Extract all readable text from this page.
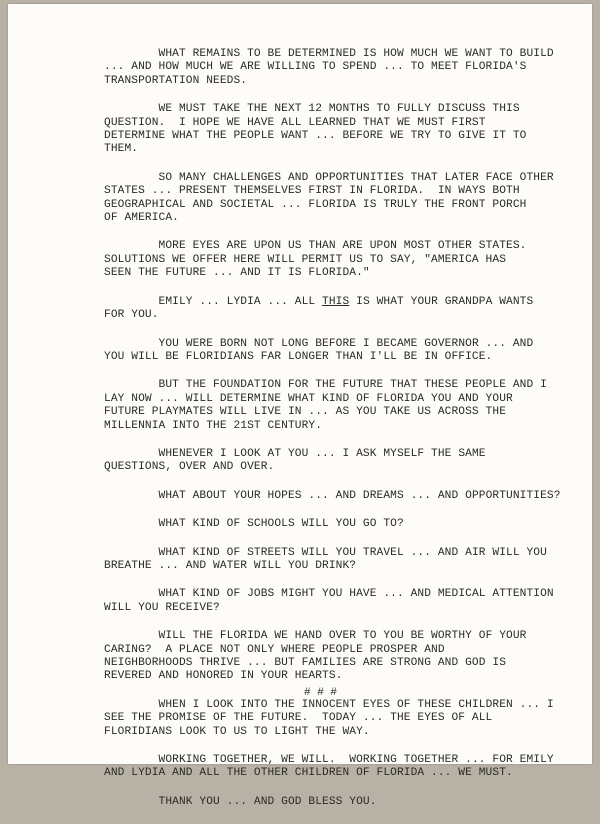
WHAT REMAINS TO BE DETERMINED IS HOW MUCH WE WANT TO BUILD
... AND HOW MUCH WE ARE WILLING TO SPEND ... TO MEET FLORIDA'S
TRANSPORTATION NEEDS.

WE MUST TAKE THE NEXT 12 MONTHS TO FULLY DISCUSS THIS
QUESTION.  I HOPE WE HAVE ALL LEARNED THAT WE MUST FIRST
DETERMINE WHAT THE PEOPLE WANT ... BEFORE WE TRY TO GIVE IT TO
THEM.

SO MANY CHALLENGES AND OPPORTUNITIES THAT LATER FACE OTHER
STATES ... PRESENT THEMSELVES FIRST IN FLORIDA.  IN WAYS BOTH
GEOGRAPHICAL AND SOCIETAL ... FLORIDA IS TRULY THE FRONT PORCH
OF AMERICA.

MORE EYES ARE UPON US THAN ARE UPON MOST OTHER STATES.
SOLUTIONS WE OFFER HERE WILL PERMIT US TO SAY, "AMERICA HAS
SEEN THE FUTURE ... AND IT IS FLORIDA."

EMILY ... LYDIA ... ALL THIS IS WHAT YOUR GRANDPA WANTS
FOR YOU.

YOU WERE BORN NOT LONG BEFORE I BECAME GOVERNOR ... AND
YOU WILL BE FLORIDIANS FAR LONGER THAN I'LL BE IN OFFICE.

BUT THE FOUNDATION FOR THE FUTURE THAT THESE PEOPLE AND I
LAY NOW ... WILL DETERMINE WHAT KIND OF FLORIDA YOU AND YOUR
FUTURE PLAYMATES WILL LIVE IN ... AS YOU TAKE US ACROSS THE
MILLENNIA INTO THE 21ST CENTURY.

WHENEVER I LOOK AT YOU ... I ASK MYSELF THE SAME
QUESTIONS, OVER AND OVER.

WHAT ABOUT YOUR HOPES ... AND DREAMS ... AND OPPORTUNITIES?

WHAT KIND OF SCHOOLS WILL YOU GO TO?

WHAT KIND OF STREETS WILL YOU TRAVEL ... AND AIR WILL YOU
BREATHE ... AND WATER WILL YOU DRINK?

WHAT KIND OF JOBS MIGHT YOU HAVE ... AND MEDICAL ATTENTION
WILL YOU RECEIVE?

WILL THE FLORIDA WE HAND OVER TO YOU BE WORTHY OF YOUR
CARING?  A PLACE NOT ONLY WHERE PEOPLE PROSPER AND
NEIGHBORHOODS THRIVE ... BUT FAMILIES ARE STRONG AND GOD IS
REVERED AND HONORED IN YOUR HEARTS.

WHEN I LOOK INTO THE INNOCENT EYES OF THESE CHILDREN ... I
SEE THE PROMISE OF THE FUTURE.  TODAY ... THE EYES OF ALL
FLORIDIANS LOOK TO US TO LIGHT THE WAY.

WORKING TOGETHER, WE WILL.  WORKING TOGETHER ... FOR EMILY
AND LYDIA AND ALL THE OTHER CHILDREN OF FLORIDA ... WE MUST.

THANK YOU ... AND GOD BLESS YOU.

# # #
